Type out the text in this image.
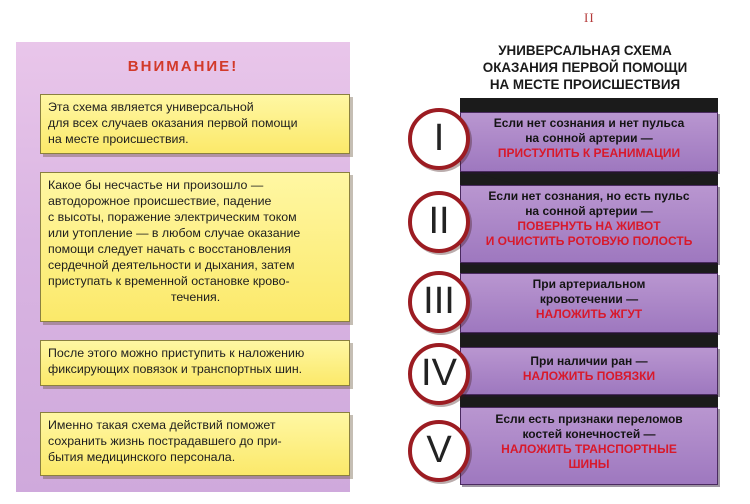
II
ВНИМАНИЕ!
Эта схема является универсальной
для всех случаев оказания первой помощи
на месте происшествия.
Какое бы несчастье ни произошло —
автодорожное происшествие, падение
с высоты, поражение электрическим током
или утопление — в любом случае оказание
помощи следует начать с восстановления
сердечной деятельности и дыхания, затем
приступать к временной остановке крово-
течения.
После этого можно приступить к наложению
фиксирующих повязок и транспортных шин.
Именно такая схема действий поможет
сохранить жизнь пострадавшего до при-
бытия медицинского персонала.
УНИВЕРСАЛЬНАЯ СХЕМА
ОКАЗАНИЯ ПЕРВОЙ ПОМОЩИ
НА МЕСТЕ ПРОИСШЕСТВИЯ
Если нет сознания и нет пульса
на сонной артерии —
ПРИСТУПИТЬ К РЕАНИМАЦИИ
Если нет сознания, но есть пульс
на сонной артерии —
ПОВЕРНУТЬ НА ЖИВОТ
И ОЧИСТИТЬ РОТОВУЮ ПОЛОСТЬ
При артериальном
кровотечении —
НАЛОЖИТЬ ЖГУТ
При наличии ран —
НАЛОЖИТЬ ПОВЯЗКИ
Если есть признаки переломов
костей конечностей —
НАЛОЖИТЬ ТРАНСПОРТНЫЕ
ШИНЫ
I
II
III
IV
V
